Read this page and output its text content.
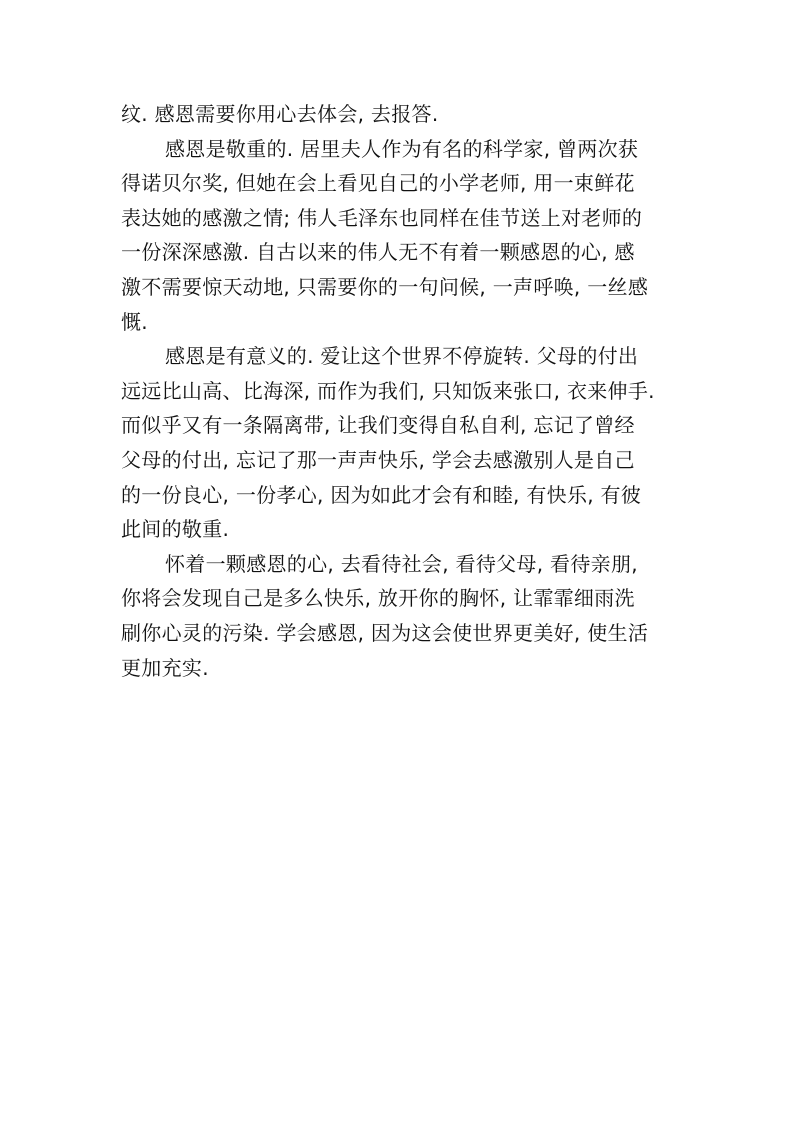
纹. 感恩需要你用心去体会, 去报答.
感恩是敬重的. 居里夫人作为有名的科学家, 曾两次获
得诺贝尔奖, 但她在会上看见自己的小学老师, 用一束鲜花
表达她的感激之情; 伟人毛泽东也同样在佳节送上对老师的
一份深深感激. 自古以来的伟人无不有着一颗感恩的心, 感
激不需要惊天动地, 只需要你的一句问候, 一声呼唤, 一丝感
慨.
感恩是有意义的. 爱让这个世界不停旋转. 父母的付出
远远比山高、比海深, 而作为我们, 只知饭来张口, 衣来伸手.
而似乎又有一条隔离带, 让我们变得自私自利, 忘记了曾经
父母的付出, 忘记了那一声声快乐, 学会去感激别人是自己
的一份良心, 一份孝心, 因为如此才会有和睦, 有快乐, 有彼
此间的敬重.
怀着一颗感恩的心, 去看待社会, 看待父母, 看待亲朋,
你将会发现自己是多么快乐, 放开你的胸怀, 让霏霏细雨洗
刷你心灵的污染. 学会感恩, 因为这会使世界更美好, 使生活
更加充实.
